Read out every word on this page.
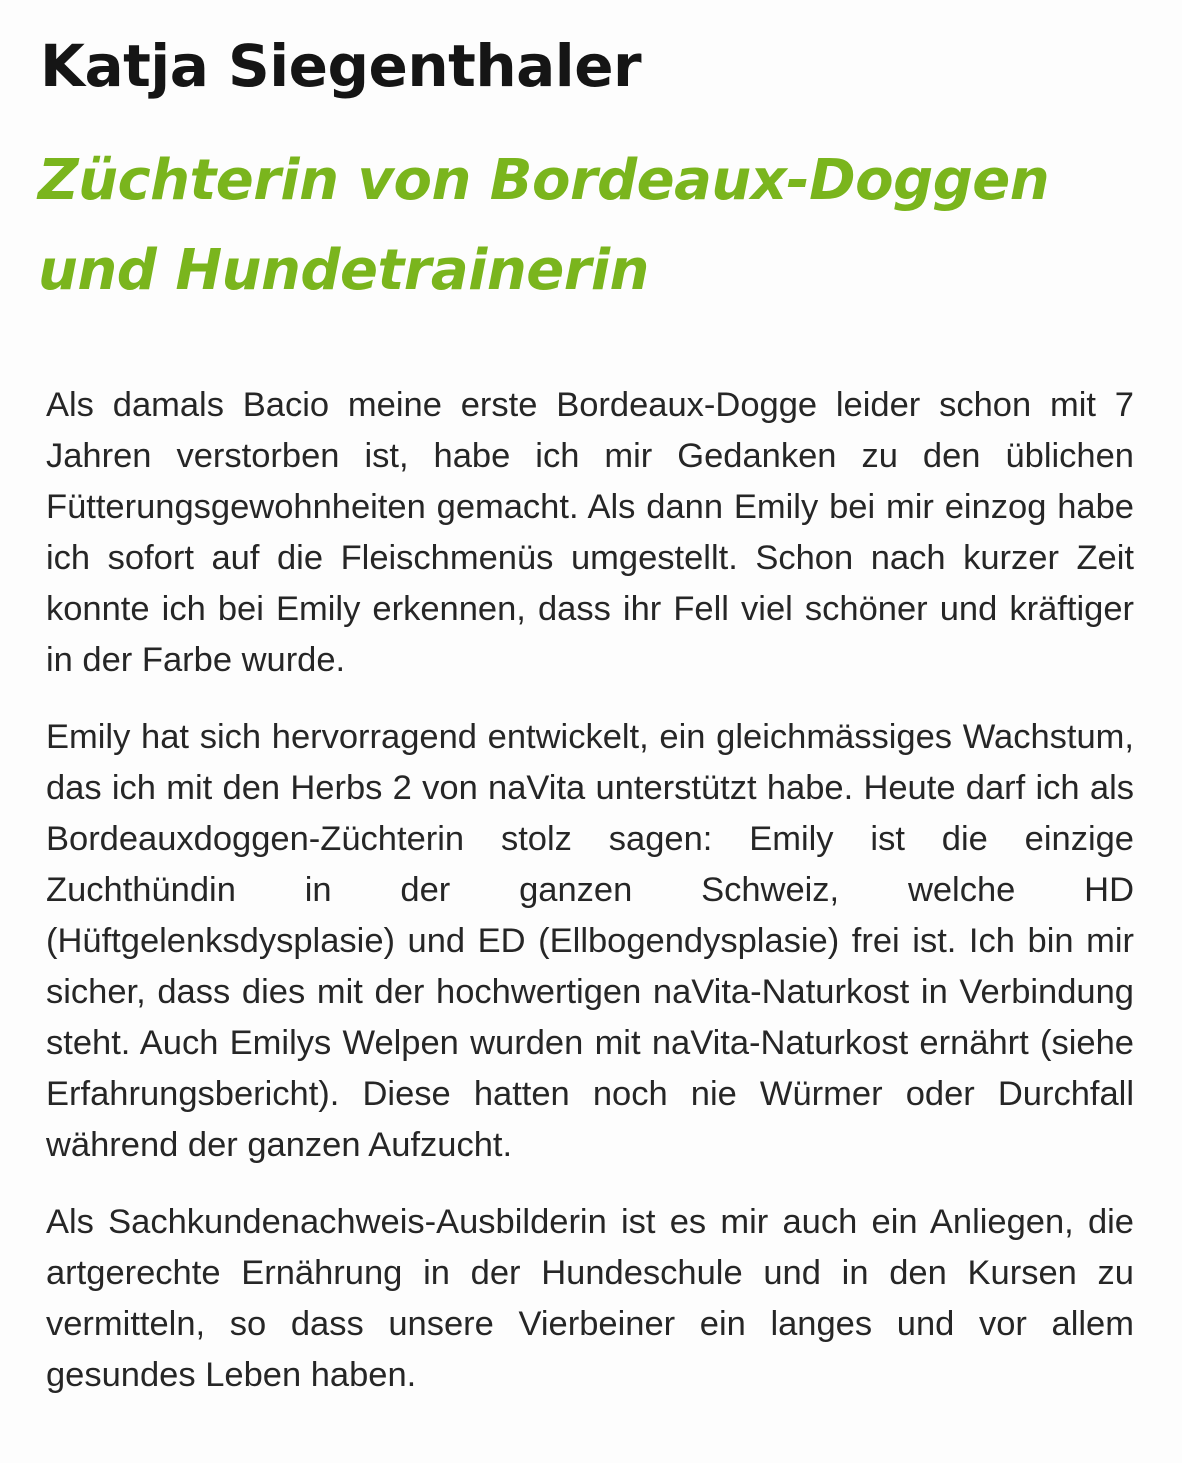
Katja Siegenthaler
Züchterin von Bordeaux-Doggen
und Hundetrainerin

Als damals Bacio meine erste Bordeaux-Dogge leider schon mit 7 Jahren verstorben ist, habe ich mir Gedanken zu den üblichen Fütterungsgewohnheiten gemacht. Als dann Emily bei mir einzog habe ich sofort auf die Fleischmenüs umgestellt. Schon nach kurzer Zeit konnte ich bei Emily erkennen, dass ihr Fell viel schöner und kräftiger in der Farbe wurde.

Emily hat sich hervorragend entwickelt, ein gleichmässiges Wachstum, das ich mit den Herbs 2 von naVita unterstützt habe. Heute darf ich als Bordeauxdoggen-Züchterin stolz sagen: Emily ist die einzige Zuchthündin in der ganzen Schweiz, welche HD (Hüftgelenksdysplasie) und ED (Ellbogendysplasie) frei ist. Ich bin mir sicher, dass dies mit der hochwertigen naVita-Naturkost in Verbindung steht. Auch Emilys Welpen wurden mit naVita-Naturkost ernährt (siehe Erfahrungsbericht). Diese hatten noch nie Würmer oder Durchfall während der ganzen Aufzucht.

Als Sachkundenachweis-Ausbilderin ist es mir auch ein Anliegen, die artgerechte Ernährung in der Hundeschule und in den Kursen zu vermitteln, so dass unsere Vierbeiner ein langes und vor allem gesundes Leben haben.
